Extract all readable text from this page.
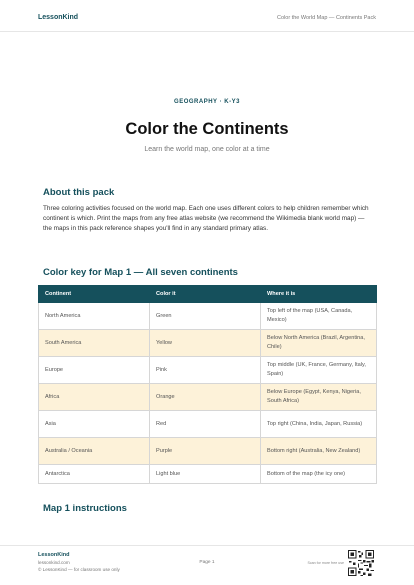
LessonKind	Color the World Map — Continents Pack
GEOGRAPHY · K-Y3
Color the Continents
Learn the world map, one color at a time
About this pack

Three coloring activities focused on the world map. Each one uses different colors to help children remember which continent is which. Print the maps from any free atlas website (we recommend the Wikimedia blank world map) — the maps in this pack reference shapes you'll find in any standard primary atlas.

Color key for Map 1 — All seven continents
Continent	Color it	Where it is
North America	Green	Top left of the map (USA, Canada, Mexico)
South America	Yellow	Below North America (Brazil, Argentina, Chile)
Europe	Pink	Top middle (UK, France, Germany, Italy, Spain)
Africa	Orange	Below Europe (Egypt, Kenya, Nigeria, South Africa)
Asia	Red	Top right (China, India, Japan, Russia)
Australia / Oceania	Purple	Bottom right (Australia, New Zealand)
Antarctica	Light blue	Bottom of the map (the icy one)
Map 1 instructions
LessonKind
lessonkind.com
© LessonKind — for classroom use only
Page 1	Scan for more free use
